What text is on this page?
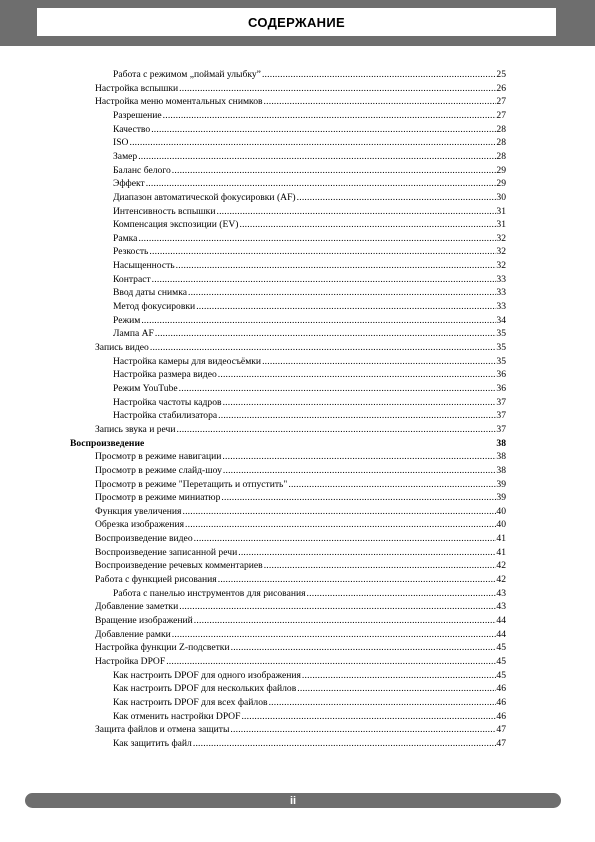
СОДЕРЖАНИЕ
Работа с режимом „поймай улыбку” .....	25
Настройка вспышки .....	26
Настройка меню моментальных снимков .....	27
Разрешение .....	27
Качество .....	28
ISO .....	28
Замер .....	28
Баланс белого .....	29
Эффект .....	29
Диапазон автоматической фокусировки (AF) .....	30
Интенсивность вспышки .....	31
Компенсация экспозиции (EV) .....	31
Рамка .....	32
Резкость .....	32
Насыщенность .....	32
Контраст .....	33
Ввод даты снимка .....	33
Метод фокусировки .....	33
Режим .....	34
Лампа AF .....	35
Запись видео .....	35
Настройка камеры для видеосъёмки .....	35
Настройка размера видео .....	36
Режим YouTube .....	36
Настройка частоты кадров .....	37
Настройка стабилизатора .....	37
Запись звука и речи .....	37
Воспроизведение	38
Просмотр в режиме навигации .....	38
Просмотр в режиме слайд-шоу .....	38
Просмотр в режиме "Перетащить и отпустить" .....	39
Просмотр в режиме миниатюр .....	39
Функция увеличения .....	40
Обрезка изображения .....	40
Воспроизведение видео .....	41
Воспроизведение записанной речи .....	41
Воспроизведение речевых комментариев .....	42
Работа с функцией рисования .....	42
Работа с панелью инструментов для рисования .....	43
Добавление заметки .....	43
Вращение изображений .....	44
Добавление рамки .....	44
Настройка функции Z-подсветки .....	45
Настройка DPOF .....	45
Как настроить DPOF для одного изображения .....	45
Как настроить DPOF для нескольких файлов .....	46
Как настроить DPOF для всех файлов .....	46
Как отменить настройки DPOF .....	46
Защита файлов и отмена защиты .....	47
Как защитить файл .....	47
ii
